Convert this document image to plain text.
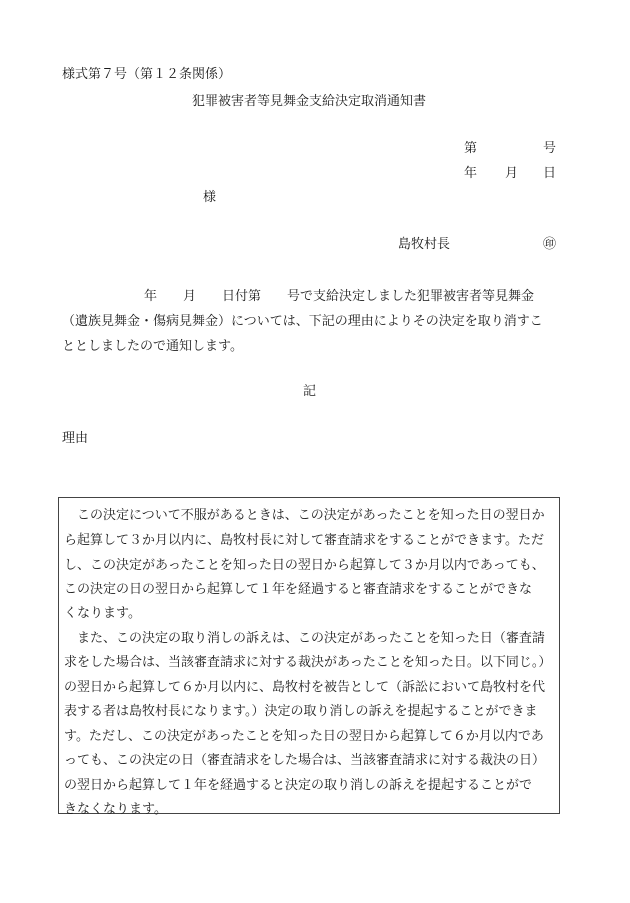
様式第７号（第１２条関係）
犯罪被害者等見舞金支給決定取消通知書
第	号
年 月 日
様
島牧村長	㊞
年　　月　　日付第　　号で支給決定しました犯罪被害者等見舞金
（遺族見舞金・傷病見舞金）については、下記の理由によりその決定を取り消すこ
ととしましたので通知します。
記
理由
この決定について不服があるときは、この決定があったことを知った日の翌日か
ら起算して３か月以内に、島牧村長に対して審査請求をすることができます。ただ
し、この決定があったことを知った日の翌日から起算して３か月以内であっても、
この決定の日の翌日から起算して１年を経過すると審査請求をすることができな
くなります。
また、この決定の取り消しの訴えは、この決定があったことを知った日（審査請
求をした場合は、当該審査請求に対する裁決があったことを知った日。以下同じ。）
の翌日から起算して６か月以内に、島牧村を被告として（訴訟において島牧村を代
表する者は島牧村長になります。）決定の取り消しの訴えを提起することができま
す。ただし、この決定があったことを知った日の翌日から起算して６か月以内であ
っても、この決定の日（審査請求をした場合は、当該審査請求に対する裁決の日）
の翌日から起算して１年を経過すると決定の取り消しの訴えを提起することがで
きなくなります。
